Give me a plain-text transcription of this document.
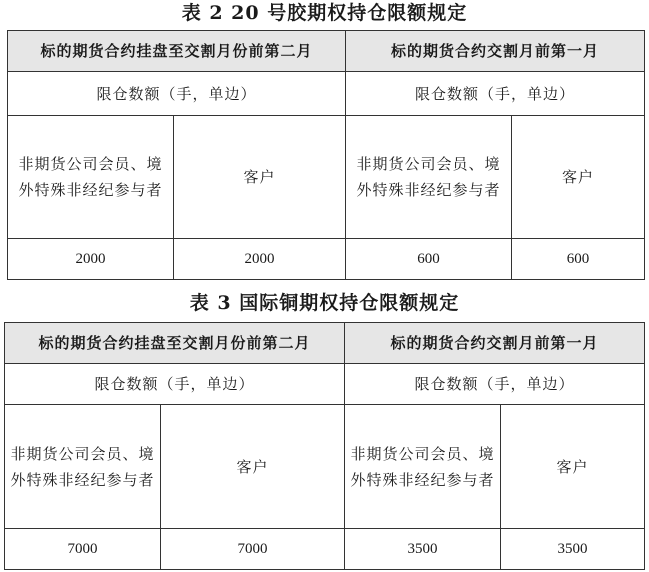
表 2 20 号胶期权持仓限额规定
标的期货合约挂盘至交割月份前第二月		标的期货合约交割月前第一月	
限仓数额（手，单边）		限仓数额（手，单边）	
非期货公司会员、境外特殊非经纪参与者	客户	非期货公司会员、境外特殊非经纪参与者	客户
2000	2000	600	600
表 3 国际铜期权持仓限额规定
标的期货合约挂盘至交割月份前第二月		标的期货合约交割月前第一月	
限仓数额（手，单边）		限仓数额（手，单边）	
非期货公司会员、境外特殊非经纪参与者	客户	非期货公司会员、境外特殊非经纪参与者	客户
7000	7000	3500	3500
